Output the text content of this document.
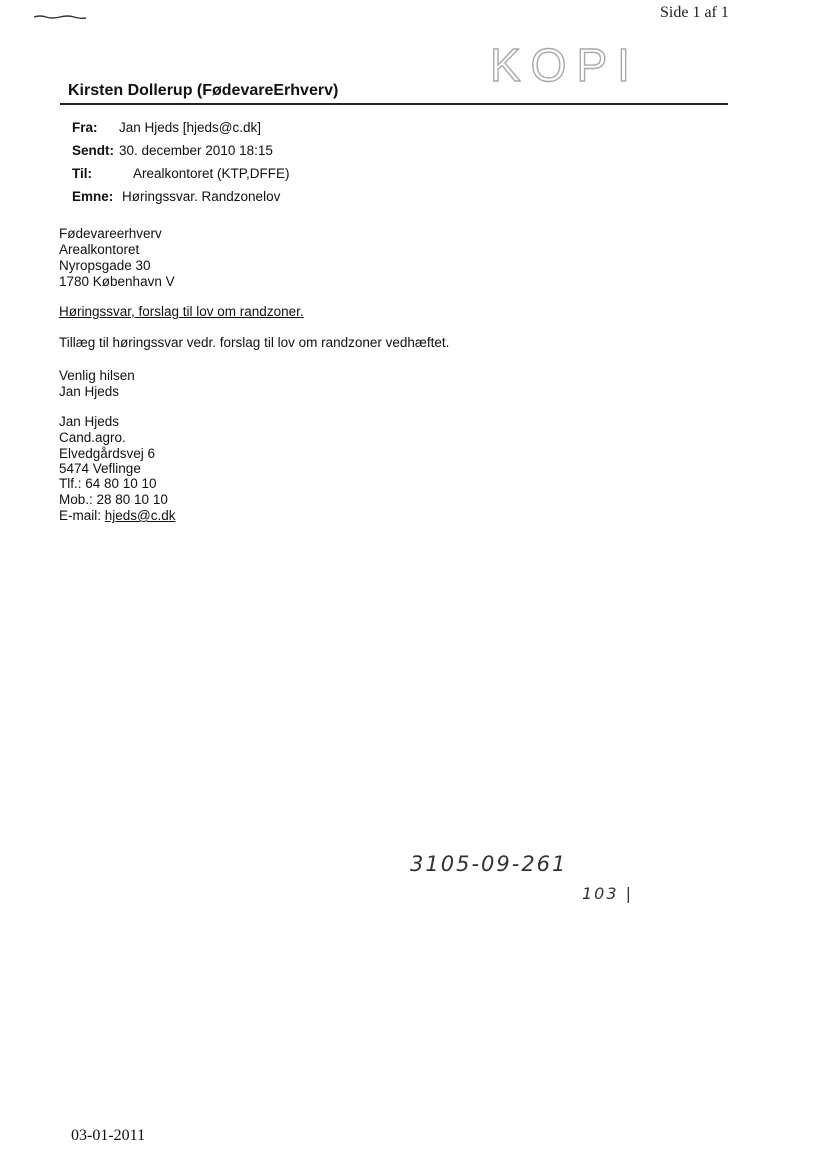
Side 1 af 1
KOPI
Kirsten Dollerup (FødevareErhverv)
Fra: Jan Hjeds [hjeds@c.dk]
Sendt: 30. december 2010 18:15
Til:	Arealkontoret (KTP,DFFE)
Emne: Høringssvar. Randzonelov
Fødevareerhverv
Arealkontoret
Nyropsgade 30
1780 København V
Høringssvar, forslag til lov om randzoner.
Tillæg til høringssvar vedr. forslag til lov om randzoner vedhæftet.
Venlig hilsen
Jan Hjeds
Jan Hjeds
Cand.agro.
Elvedgårdsvej 6
5474 Veflinge
Tlf.: 64 80 10 10
Mob.: 28 80 10 10
E-mail: hjeds@c.dk
3105-09-261
103 |
03-01-2011
